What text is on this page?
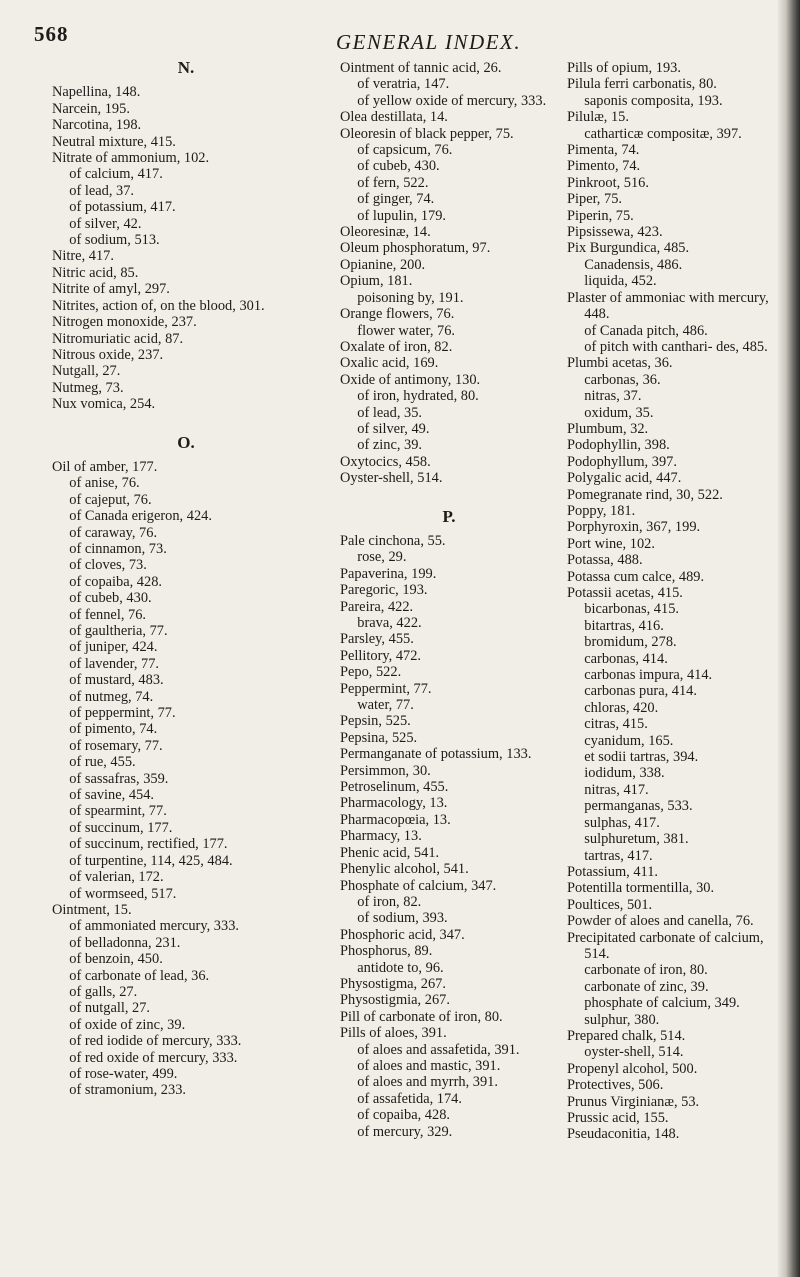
568	GENERAL INDEX.
N.
Napellina, 148.
Narcein, 195.
Narcotina, 198.
Neutral mixture, 415.
Nitrate of ammonium, 102.
of calcium, 417.
of lead, 37.
of potassium, 417.
of silver, 42.
of sodium, 513.
Nitre, 417.
Nitric acid, 85.
Nitrite of amyl, 297.
Nitrites, action of, on the blood, 301.
Nitrogen monoxide, 237.
Nitromuriatic acid, 87.
Nitrous oxide, 237.
Nutgall, 27.
Nutmeg, 73.
Nux vomica, 254.
O.
Oil of amber, 177.
of anise, 76.
of cajeput, 76.
of Canada erigeron, 424.
of caraway, 76.
of cinnamon, 73.
of cloves, 73.
of copaiba, 428.
of cubeb, 430.
of fennel, 76.
of gaultheria, 77.
of juniper, 424.
of lavender, 77.
of mustard, 483.
of nutmeg, 74.
of peppermint, 77.
of pimento, 74.
of rosemary, 77.
of rue, 455.
of sassafras, 359.
of savine, 454.
of spearmint, 77.
of succinum, 177.
of succinum, rectified, 177.
of turpentine, 114, 425, 484.
of valerian, 172.
of wormseed, 517.
Ointment, 15.
of ammoniated mercury, 333.
of belladonna, 231.
of benzoin, 450.
of carbonate of lead, 36.
of galls, 27.
of nutgall, 27.
of oxide of zinc, 39.
of red iodide of mercury, 333.
of red oxide of mercury, 333.
of rose-water, 499.
of stramonium, 233.
Ointment of tannic acid, 26.
of veratria, 147.
of yellow oxide of mercury, 333.
Olea destillata, 14.
Oleoresin of black pepper, 75.
of capsicum, 76.
of cubeb, 430.
of fern, 522.
of ginger, 74.
of lupulin, 179.
Oleoresinæ, 14.
Oleum phosphoratum, 97.
Opianine, 200.
Opium, 181.
poisoning by, 191.
Orange flowers, 76.
flower water, 76.
Oxalate of iron, 82.
Oxalic acid, 169.
Oxide of antimony, 130.
of iron, hydrated, 80.
of lead, 35.
of silver, 49.
of zinc, 39.
Oxytocics, 458.
Oyster-shell, 514.
P.
Pale cinchona, 55.
rose, 29.
Papaverina, 199.
Paregoric, 193.
Pareira, 422.
brava, 422.
Parsley, 455.
Pellitory, 472.
Pepo, 522.
Peppermint, 77.
water, 77.
Pepsin, 525.
Pepsina, 525.
Permanganate of potassium, 133.
Persimmon, 30.
Petroselinum, 455.
Pharmacology, 13.
Pharmacopœia, 13.
Pharmacy, 13.
Phenic acid, 541.
Phenylic alcohol, 541.
Phosphate of calcium, 347.
of iron, 82.
of sodium, 393.
Phosphoric acid, 347.
Phosphorus, 89.
antidote to, 96.
Physostigma, 267.
Physostigmia, 267.
Pill of carbonate of iron, 80.
Pills of aloes, 391.
of aloes and assafetida, 391.
of aloes and mastic, 391.
of aloes and myrrh, 391.
of assafetida, 174.
of copaiba, 428.
of mercury, 329.
Pills of opium, 193.
Pilula ferri carbonatis, 80.
saponis composita, 193.
Pilulæ, 15.
catharticæ compositæ, 397.
Pimenta, 74.
Pimento, 74.
Pinkroot, 516.
Piper, 75.
Piperin, 75.
Pipsissewa, 423.
Pix Burgundica, 485.
Canadensis, 486.
liquida, 452.
Plaster of ammoniac with mercury, 448.
of Canada pitch, 486.
of pitch with canthari- des, 485.
Plumbi acetas, 36.
carbonas, 36.
nitras, 37.
oxidum, 35.
Plumbum, 32.
Podophyllin, 398.
Podophyllum, 397.
Polygalic acid, 447.
Pomegranate rind, 30, 522.
Poppy, 181.
Porphyroxin, 367, 199.
Port wine, 102.
Potassa, 488.
Potassa cum calce, 489.
Potassii acetas, 415.
bicarbonas, 415.
bitartras, 416.
bromidum, 278.
carbonas, 414.
carbonas impura, 414.
carbonas pura, 414.
chloras, 420.
citras, 415.
cyanidum, 165.
et sodii tartras, 394.
iodidum, 338.
nitras, 417.
permanganas, 533.
sulphas, 417.
sulphuretum, 381.
tartras, 417.
Potassium, 411.
Potentilla tormentilla, 30.
Poultices, 501.
Powder of aloes and canella, 76.
Precipitated carbonate of calcium, 514.
carbonate of iron, 80.
carbonate of zinc, 39.
phosphate of calcium, 349.
sulphur, 380.
Prepared chalk, 514.
oyster-shell, 514.
Propenyl alcohol, 500.
Protectives, 506.
Prunus Virginianæ, 53.
Prussic acid, 155.
Pseudaconitia, 148.
